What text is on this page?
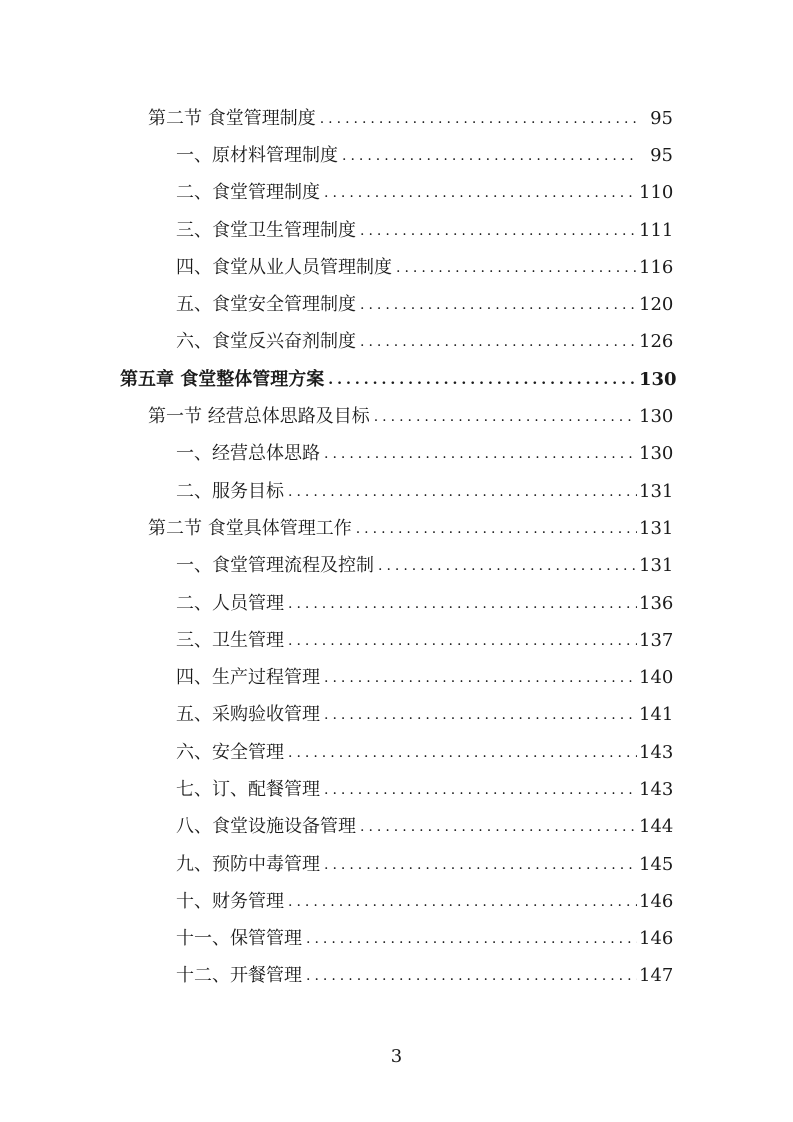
第二节 食堂管理制度 .....	95
一、原材料管理制度 .....	95
二、食堂管理制度 .....	110
三、食堂卫生管理制度 .....	111
四、食堂从业人员管理制度 .....	116
五、食堂安全管理制度 .....	120
六、食堂反兴奋剂制度 .....	126
第五章 食堂整体管理方案 .....	130
第一节 经营总体思路及目标 .....	130
一、经营总体思路 .....	130
二、服务目标 .....	131
第二节 食堂具体管理工作 .....	131
一、食堂管理流程及控制 .....	131
二、人员管理 .....	136
三、卫生管理 .....	137
四、生产过程管理 .....	140
五、采购验收管理 .....	141
六、安全管理 .....	143
七、订、配餐管理 .....	143
八、食堂设施设备管理 .....	144
九、预防中毒管理 .....	145
十、财务管理 .....	146
十一、保管管理 .....	146
十二、开餐管理 .....	147
3
